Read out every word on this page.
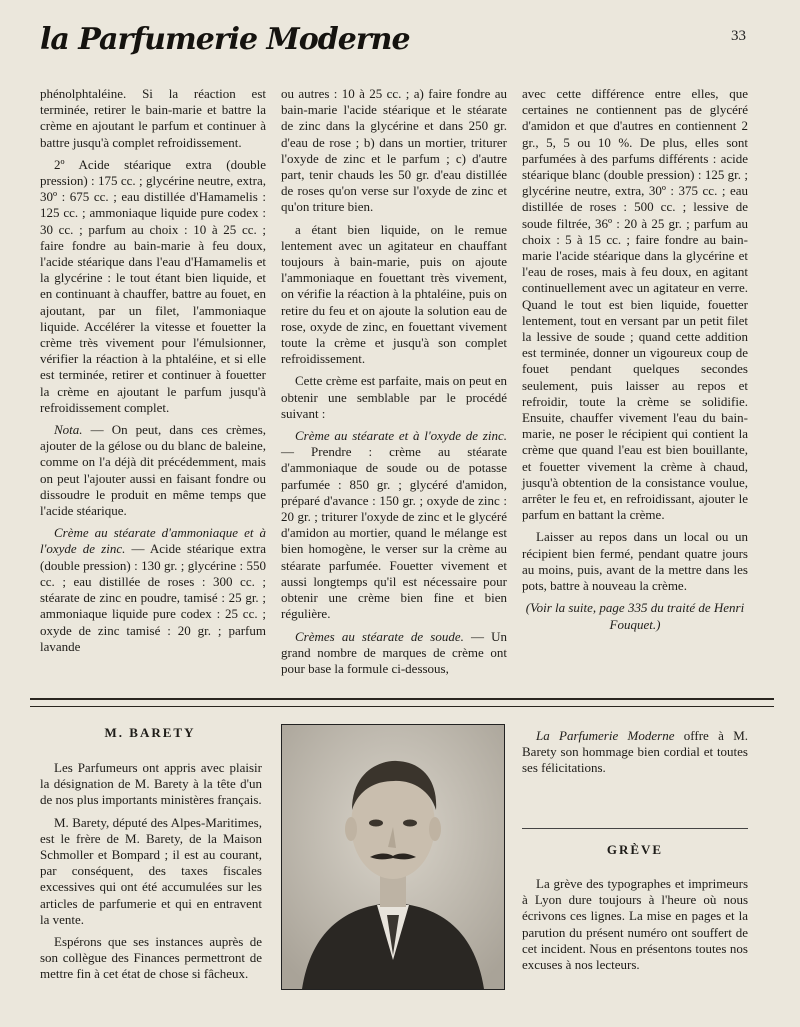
la Parfumerie Moderne	33

phénolphtaléine. Si la réaction est terminée, retirer le bain-marie et battre la crème en ajoutant le parfum et continuer à battre jusqu'à complet refroidissement.

2º Acide stéarique extra (double pression) : 175 cc. ; glycérine neutre, extra, 30º : 675 cc. ; eau distillée d'Hamamelis : 125 cc. ; ammoniaque liquide pure codex : 30 cc. ; parfum au choix : 10 à 25 cc. ; faire fondre au bain-marie à feu doux, l'acide stéarique dans l'eau d'Hamamelis et la glycérine : le tout étant bien liquide, et en continuant à chauffer, battre au fouet, en ajoutant, par un filet, l'ammoniaque liquide. Accélérer la vitesse et fouetter la crème très vivement pour l'émulsionner, vérifier la réaction à la phtaléine, et si elle est terminée, retirer et continuer à fouetter la crème en ajoutant le parfum jusqu'à refroidissement complet.

Nota. — On peut, dans ces crèmes, ajouter de la gélose ou du blanc de baleine, comme on l'a déjà dit précédemment, mais on peut l'ajouter aussi en faisant fondre ou dissoudre le produit en même temps que l'acide stéarique.

Crème au stéarate d'ammoniaque et à l'oxyde de zinc. — Acide stéarique extra (double pression) : 130 gr. ; glycérine : 550 cc. ; eau distillée de roses : 300 cc. ; stéarate de zinc en poudre, tamisé : 25 gr. ; ammoniaque liquide pure codex : 25 cc. ; oxyde de zinc tamisé : 20 gr. ; parfum lavande

ou autres : 10 à 25 cc. ; a) faire fondre au bain-marie l'acide stéarique et le stéarate de zinc dans la glycérine et dans 250 gr. d'eau de rose ; b) dans un mortier, triturer l'oxyde de zinc et le parfum ; c) d'autre part, tenir chauds les 50 gr. d'eau distillée de roses qu'on verse sur l'oxyde de zinc et qu'on triture bien.

a étant bien liquide, on le remue lentement avec un agitateur en chauffant toujours à bain-marie, puis on ajoute l'ammoniaque en fouettant très vivement, on vérifie la réaction à la phtaléine, puis on retire du feu et on ajoute la solution eau de rose, oxyde de zinc, en fouettant vivement toute la crème et jusqu'à son complet refroidissement.

Cette crème est parfaite, mais on peut en obtenir une semblable par le procédé suivant :

Crème au stéarate et à l'oxyde de zinc. — Prendre : crème au stéarate d'ammoniaque de soude ou de potasse parfumée : 850 gr. ; glycéré d'amidon, préparé d'avance : 150 gr. ; oxyde de zinc : 20 gr. ; triturer l'oxyde de zinc et le glycéré d'amidon au mortier, quand le mélange est bien homogène, le verser sur la crème au stéarate parfumée. Fouetter vivement et aussi longtemps qu'il est nécessaire pour obtenir une crème bien fine et bien régulière.

Crèmes au stéarate de soude. — Un grand nombre de marques de crème ont pour base la formule ci-dessous,

avec cette différence entre elles, que certaines ne contiennent pas de glycéré d'amidon et que d'autres en contiennent 2 gr., 5, 5 ou 10 %. De plus, elles sont parfumées à des parfums différents : acide stéarique blanc (double pression) : 125 gr. ; glycérine neutre, extra, 30º : 375 cc. ; eau distillée de roses : 500 cc. ; lessive de soude filtrée, 36º : 20 à 25 gr. ; parfum au choix : 5 à 15 cc. ; faire fondre au bain-marie l'acide stéarique dans la glycérine et l'eau de roses, mais à feu doux, en agitant continuellement avec un agitateur en verre. Quand le tout est bien liquide, fouetter lentement, tout en versant par un petit filet la lessive de soude ; quand cette addition est terminée, donner un vigoureux coup de fouet pendant quelques secondes seulement, puis laisser au repos et refroidir, toute la crème se solidifie. Ensuite, chauffer vivement l'eau du bain-marie, ne poser le récipient qui contient la crème que quand l'eau est bien bouillante, et fouetter vivement la crème à chaud, jusqu'à obtention de la consistance voulue, arrêter le feu et, en refroidissant, ajouter le parfum en battant la crème.

Laisser au repos dans un local ou un récipient bien fermé, pendant quatre jours au moins, puis, avant de la mettre dans les pots, battre à nouveau la crème.

(Voir la suite, page 335 du traité de Henri Fouquet.)

M. BARETY

Les Parfumeurs ont appris avec plaisir la désignation de M. Barety à la tête d'un de nos plus importants ministères français.

M. Barety, député des Alpes-Maritimes, est le frère de M. Barety, de la Maison Schmoller et Bompard ; il est au courant, par conséquent, des taxes fiscales excessives qui ont été accumulées sur les articles de parfumerie et qui en entravent la vente.

Espérons que ses instances auprès de son collègue des Finances permettront de mettre fin à cet état de chose si fâcheux.

La Parfumerie Moderne offre à M. Barety son hommage bien cordial et toutes ses félicitations.

GRÈVE

La grève des typographes et imprimeurs à Lyon dure toujours à l'heure où nous écrivons ces lignes. La mise en pages et la parution du présent numéro ont souffert de cet incident. Nous en présentons toutes nos excuses à nos lecteurs.
